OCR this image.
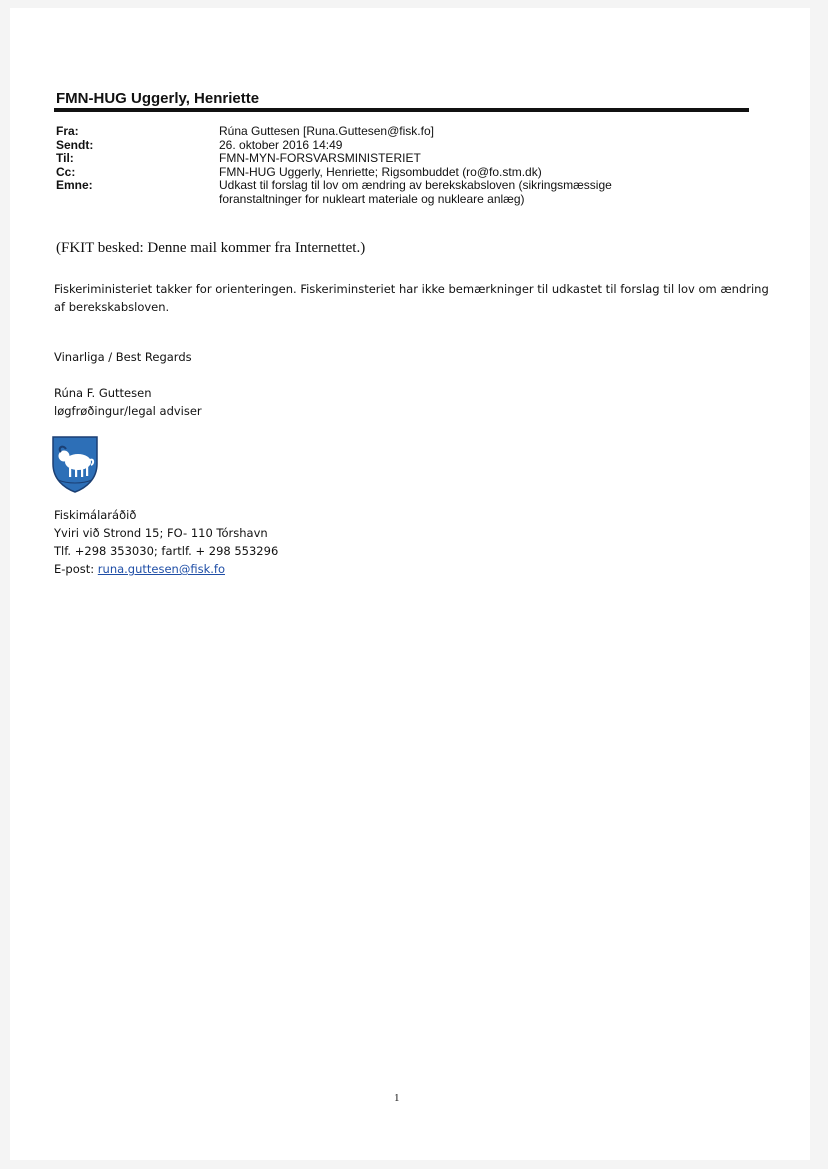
FMN-HUG Uggerly, Henriette
Fra:	Rúna Guttesen [Runa.Guttesen@fisk.fo]
Sendt:	26. oktober 2016 14:49
Til:	FMN-MYN-FORSVARSMINISTERIET
Cc:	FMN-HUG Uggerly, Henriette; Rigsombuddet (ro@fo.stm.dk)
Emne:	Udkast til forslag til lov om ændring av berekskabsloven (sikringsmæssige foranstaltninger for nukleart materiale og nukleare anlæg)
(FKIT besked: Denne mail kommer fra Internettet.)
Fiskeriministeriet takker for orienteringen. Fiskeriminsteriet har ikke bemærkninger til udkastet til forslag til lov om ændring af berekskabsloven.
Vinarliga / Best Regards
Rúna F. Guttesen
løgfrøðingur/legal adviser
Fiskimálaráðið
Yviri við Strond 15; FO- 110 Tórshavn
Tlf. +298 353030; fartlf. + 298 553296
E-post: runa.guttesen@fisk.fo
1
